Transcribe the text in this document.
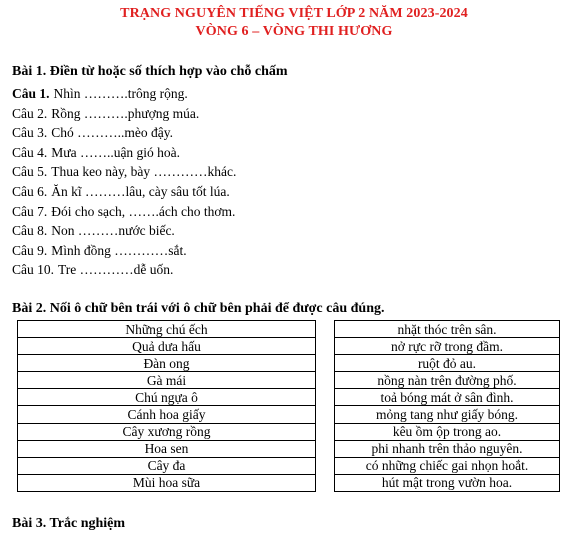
TRẠNG NGUYÊN TIẾNG VIỆT LỚP 2 NĂM 2023-2024
VÒNG 6 – VÒNG THI HƯƠNG
Bài 1. Điền từ hoặc số thích hợp vào chỗ chấm
Câu 1. Nhìn ……….trông rộng.
Câu 2. Rồng ……….phượng múa.
Câu 3. Chó ………..mèo đậy.
Câu 4. Mưa ……..uận gió hoà.
Câu 5. Thua keo này, bày …………khác.
Câu 6. Ăn kĩ ………lâu, cày sâu tốt lúa.
Câu 7. Đói cho sạch, …….ách cho thơm.
Câu 8. Non ………nước biếc.
Câu 9. Mình đồng …………sắt.
Câu 10. Tre …………dễ uốn.
Bài 2. Nối ô chữ bên trái với ô chữ bên phải để được câu đúng.
Những chú ếch
Quả dưa hấu
Đàn ong
Gà mái
Chú ngựa ô
Cánh hoa giấy
Cây xương rồng
Hoa sen
Cây đa
Mùi hoa sữa
nhặt thóc trên sân.
nở rực rỡ trong đầm.
ruột đỏ au.
nồng nàn trên đường phố.
toả bóng mát ở sân đình.
mỏng tang như giấy bóng.
kêu ồm ộp trong ao.
phi nhanh trên thảo nguyên.
có những chiếc gai nhọn hoắt.
hút mật trong vườn hoa.
Bài 3. Trắc nghiệm
